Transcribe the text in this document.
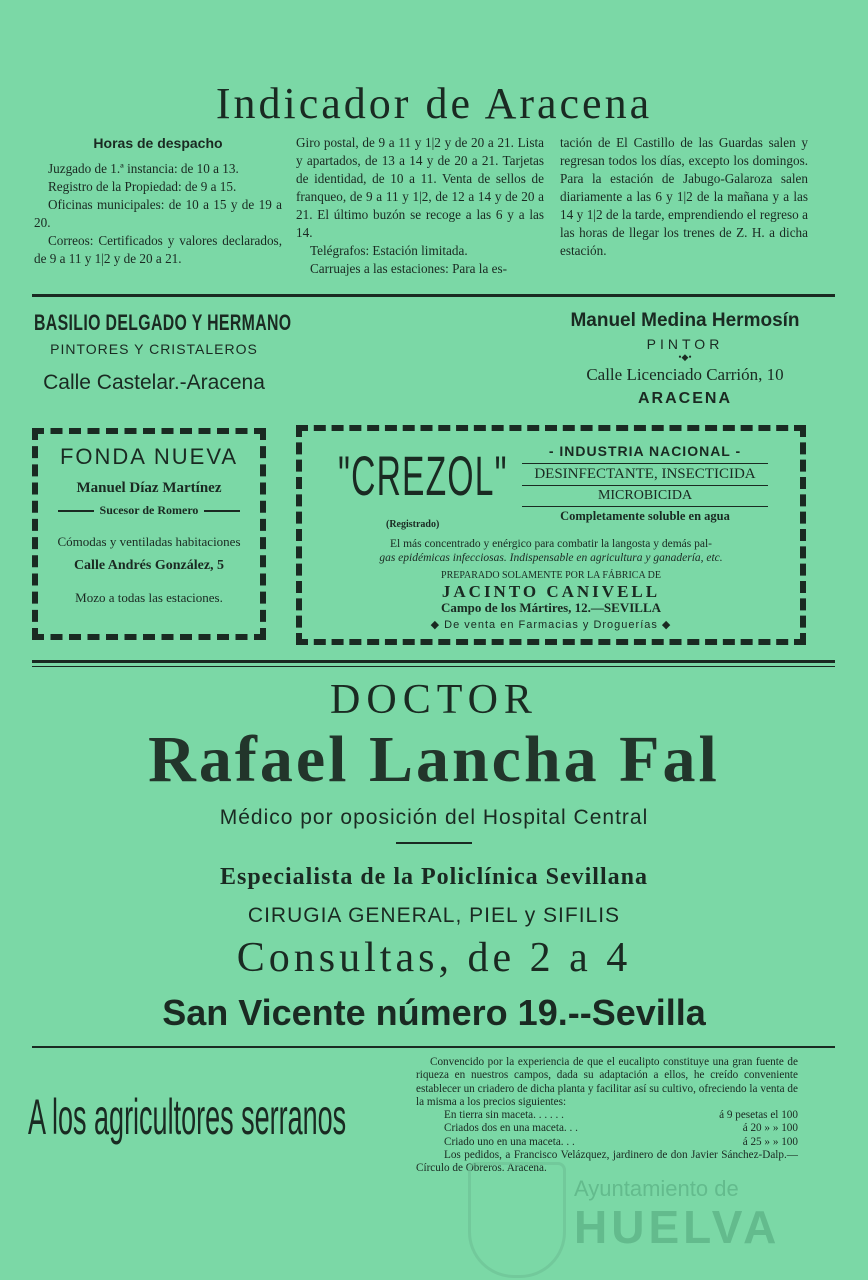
Indicador de Aracena
Horas de despacho

Juzgado de 1.ª instancia: de 10 a 13.

Registro de la Propiedad: de 9 a 15.

Oficinas municipales: de 10 a 15 y de 19 a 20.

Correos: Certificados y valores declarados, de 9 a 11 y 1|2 y de 20 a 21.

Giro postal, de 9 a 11 y 1|2 y de 20 a 21. Lista y apartados, de 13 a 14 y de 20 a 21. Tarjetas de identidad, de 10 a 11. Venta de sellos de franqueo, de 9 a 11 y 1|2, de 12 a 14 y de 20 a 21. El último buzón se recoge a las 6 y a las 14.

Telégrafos: Estación limitada.

Carruajes a las estaciones: Para la es-

tación de El Castillo de las Guardas salen y regresan todos los días, excepto los domingos. Para la estación de Jabugo-Galaroza salen diariamente a las 6 y 1|2 de la mañana y a las 14 y 1|2 de la tarde, emprendiendo el regreso a las horas de llegar los trenes de Z. H. a dicha estación.

BASILIO DELGADO Y HERMANO
PINTORES Y CRISTALEROS
Calle Castelar.-Aracena
Manuel Medina Hermosín
PINTOR
•◆•
Calle Licenciado Carrión, 10
ARACENA
FONDA NUEVA
Manuel Díaz Martínez
Sucesor de Romero
Cómodas y ventiladas habitaciones
Calle Andrés González, 5
Mozo a todas las estaciones.
"CREZOL"
(Registrado)
- INDUSTRIA NACIONAL -
DESINFECTANTE, INSECTICIDA
MICROBICIDA
Completamente soluble en agua
El más concentrado y enérgico para combatir la langosta y demás pal-
gas epidémicas infecciosas. Indispensable en agricultura y ganadería, etc.
PREPARADO SOLAMENTE POR LA FÁBRICA DE
JACINTO CANIVELL
Campo de los Mártires, 12.—SEVILLA
◆ De venta en Farmacias y Droguerías ◆
DOCTOR
Rafael Lancha Fal
Médico por oposición del Hospital Central
Especialista de la Policlínica Sevillana
CIRUGIA GENERAL, PIEL y SIFILIS
Consultas, de 2 a 4
San Vicente número 19.--Sevilla
A los agricultores serranos

Convencido por la experiencia de que el eucalipto constituye una gran fuente de riqueza en nuestros campos, dada su adaptación a ellos, he creído conveniente establecer un criadero de dicha planta y facilitar así su cultivo, ofreciendo la venta de la misma a los precios siguientes:

En tierra sin maceta. . . . . .	á 9 pesetas el 100
Criados dos en una maceta. . .	á 20 » » 100
Criado uno en una maceta. . .	á 25 » » 100

Los pedidos, a Francisco Velázquez, jardinero de don Javier Sánchez-Dalp.—Círculo de Obreros. Aracena.

Ayuntamiento de
HUELVA
